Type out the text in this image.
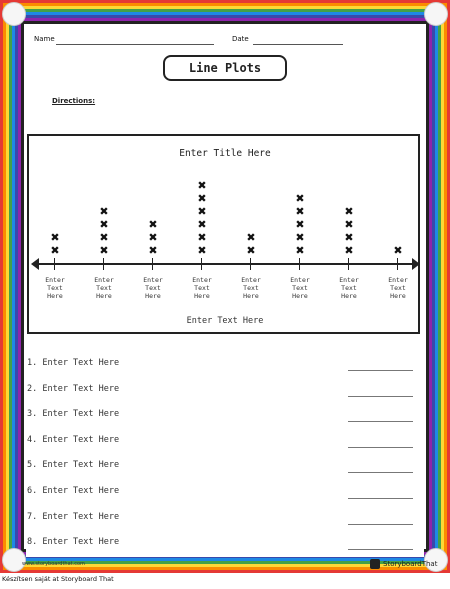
Name	Date
Line Plots
Directions:
Enter Title Here
Enter
Text
Here
✖
✖
Enter
Text
Here
✖
✖
✖
✖
Enter
Text
Here
✖
✖
✖
Enter
Text
Here
✖
✖
✖
✖
✖
✖
Enter
Text
Here
✖
✖
Enter
Text
Here
✖
✖
✖
✖
✖
Enter
Text
Here
✖
✖
✖
✖
Enter
Text
Here
✖
Enter Text Here
1. Enter Text Here
2. Enter Text Here
3. Enter Text Here
4. Enter Text Here
5. Enter Text Here
6. Enter Text Here
7. Enter Text Here
8. Enter Text Here
www.storyboardthat.com	StoryboardThat
Készítsen saját at Storyboard That
